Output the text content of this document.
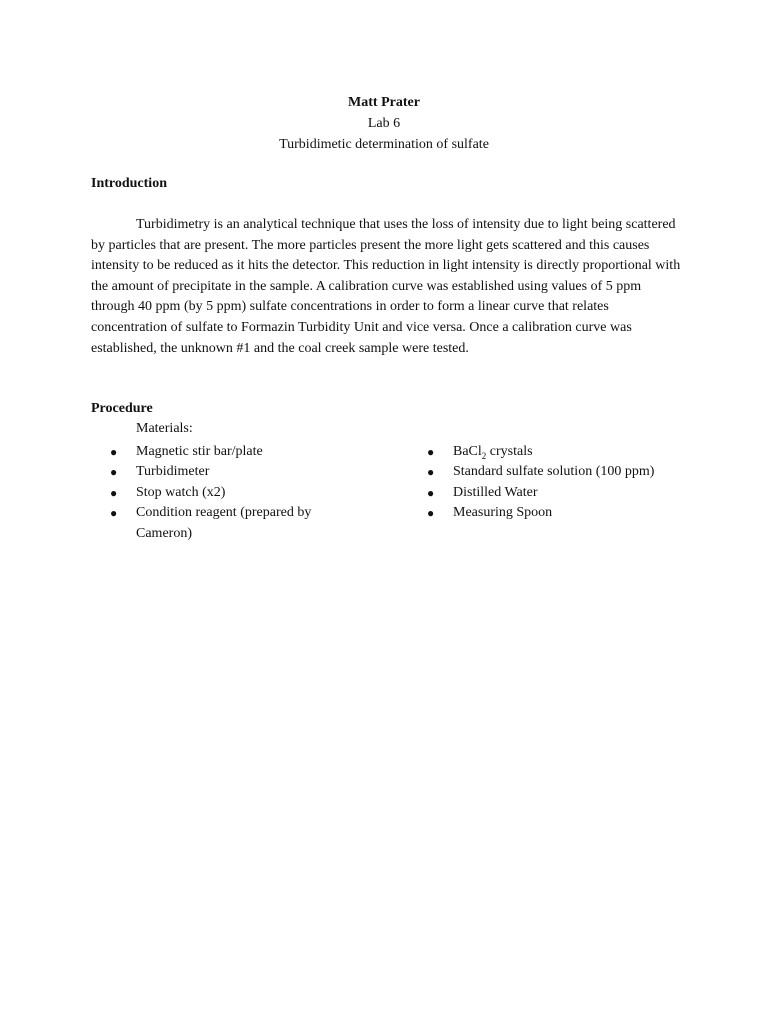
Matt Prater
Lab 6
Turbidimetic determination of sulfate
Introduction

Turbidimetry is an analytical technique that uses the loss of intensity due to light being scattered by particles that are present. The more particles present the more light gets scattered and this causes intensity to be reduced as it hits the detector. This reduction in light intensity is directly proportional with the amount of precipitate in the sample. A calibration curve was established using values of 5 ppm through 40 ppm (by 5 ppm) sulfate concentrations in order to form a linear curve that relates concentration of sulfate to Formazin Turbidity Unit and vice versa. Once a calibration curve was established, the unknown #1 and the coal creek sample were tested.

Procedure
Materials:
● Magnetic stir bar/plate
● Turbidimeter
● Stop watch (x2)
● Condition reagent (prepared by Cameron)
● BaCl$_2$ crystals
● Standard sulfate solution (100 ppm)
● Distilled Water
● Measuring Spoon
